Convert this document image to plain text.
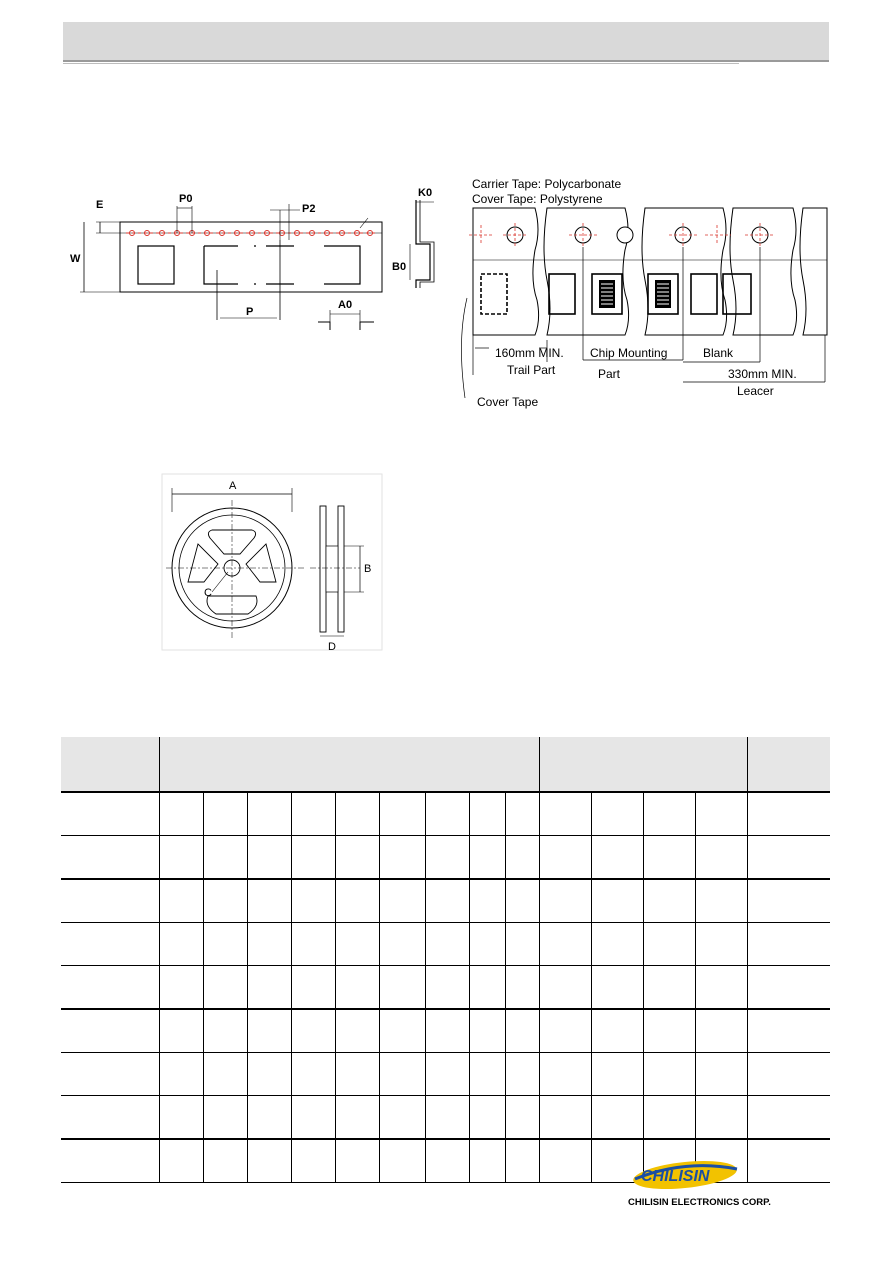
E
W
P0
P2
P
B0
K0
A0
Carrier Tape: Polycarbonate
Cover Tape: Polystyrene
160mm MIN.
Trail Part
Chip Mounting
Part
Blank
330mm MIN.
Leacer
Cover Tape
A
C
B
D

CHILISIN
CHILISIN ELECTRONICS CORP.
